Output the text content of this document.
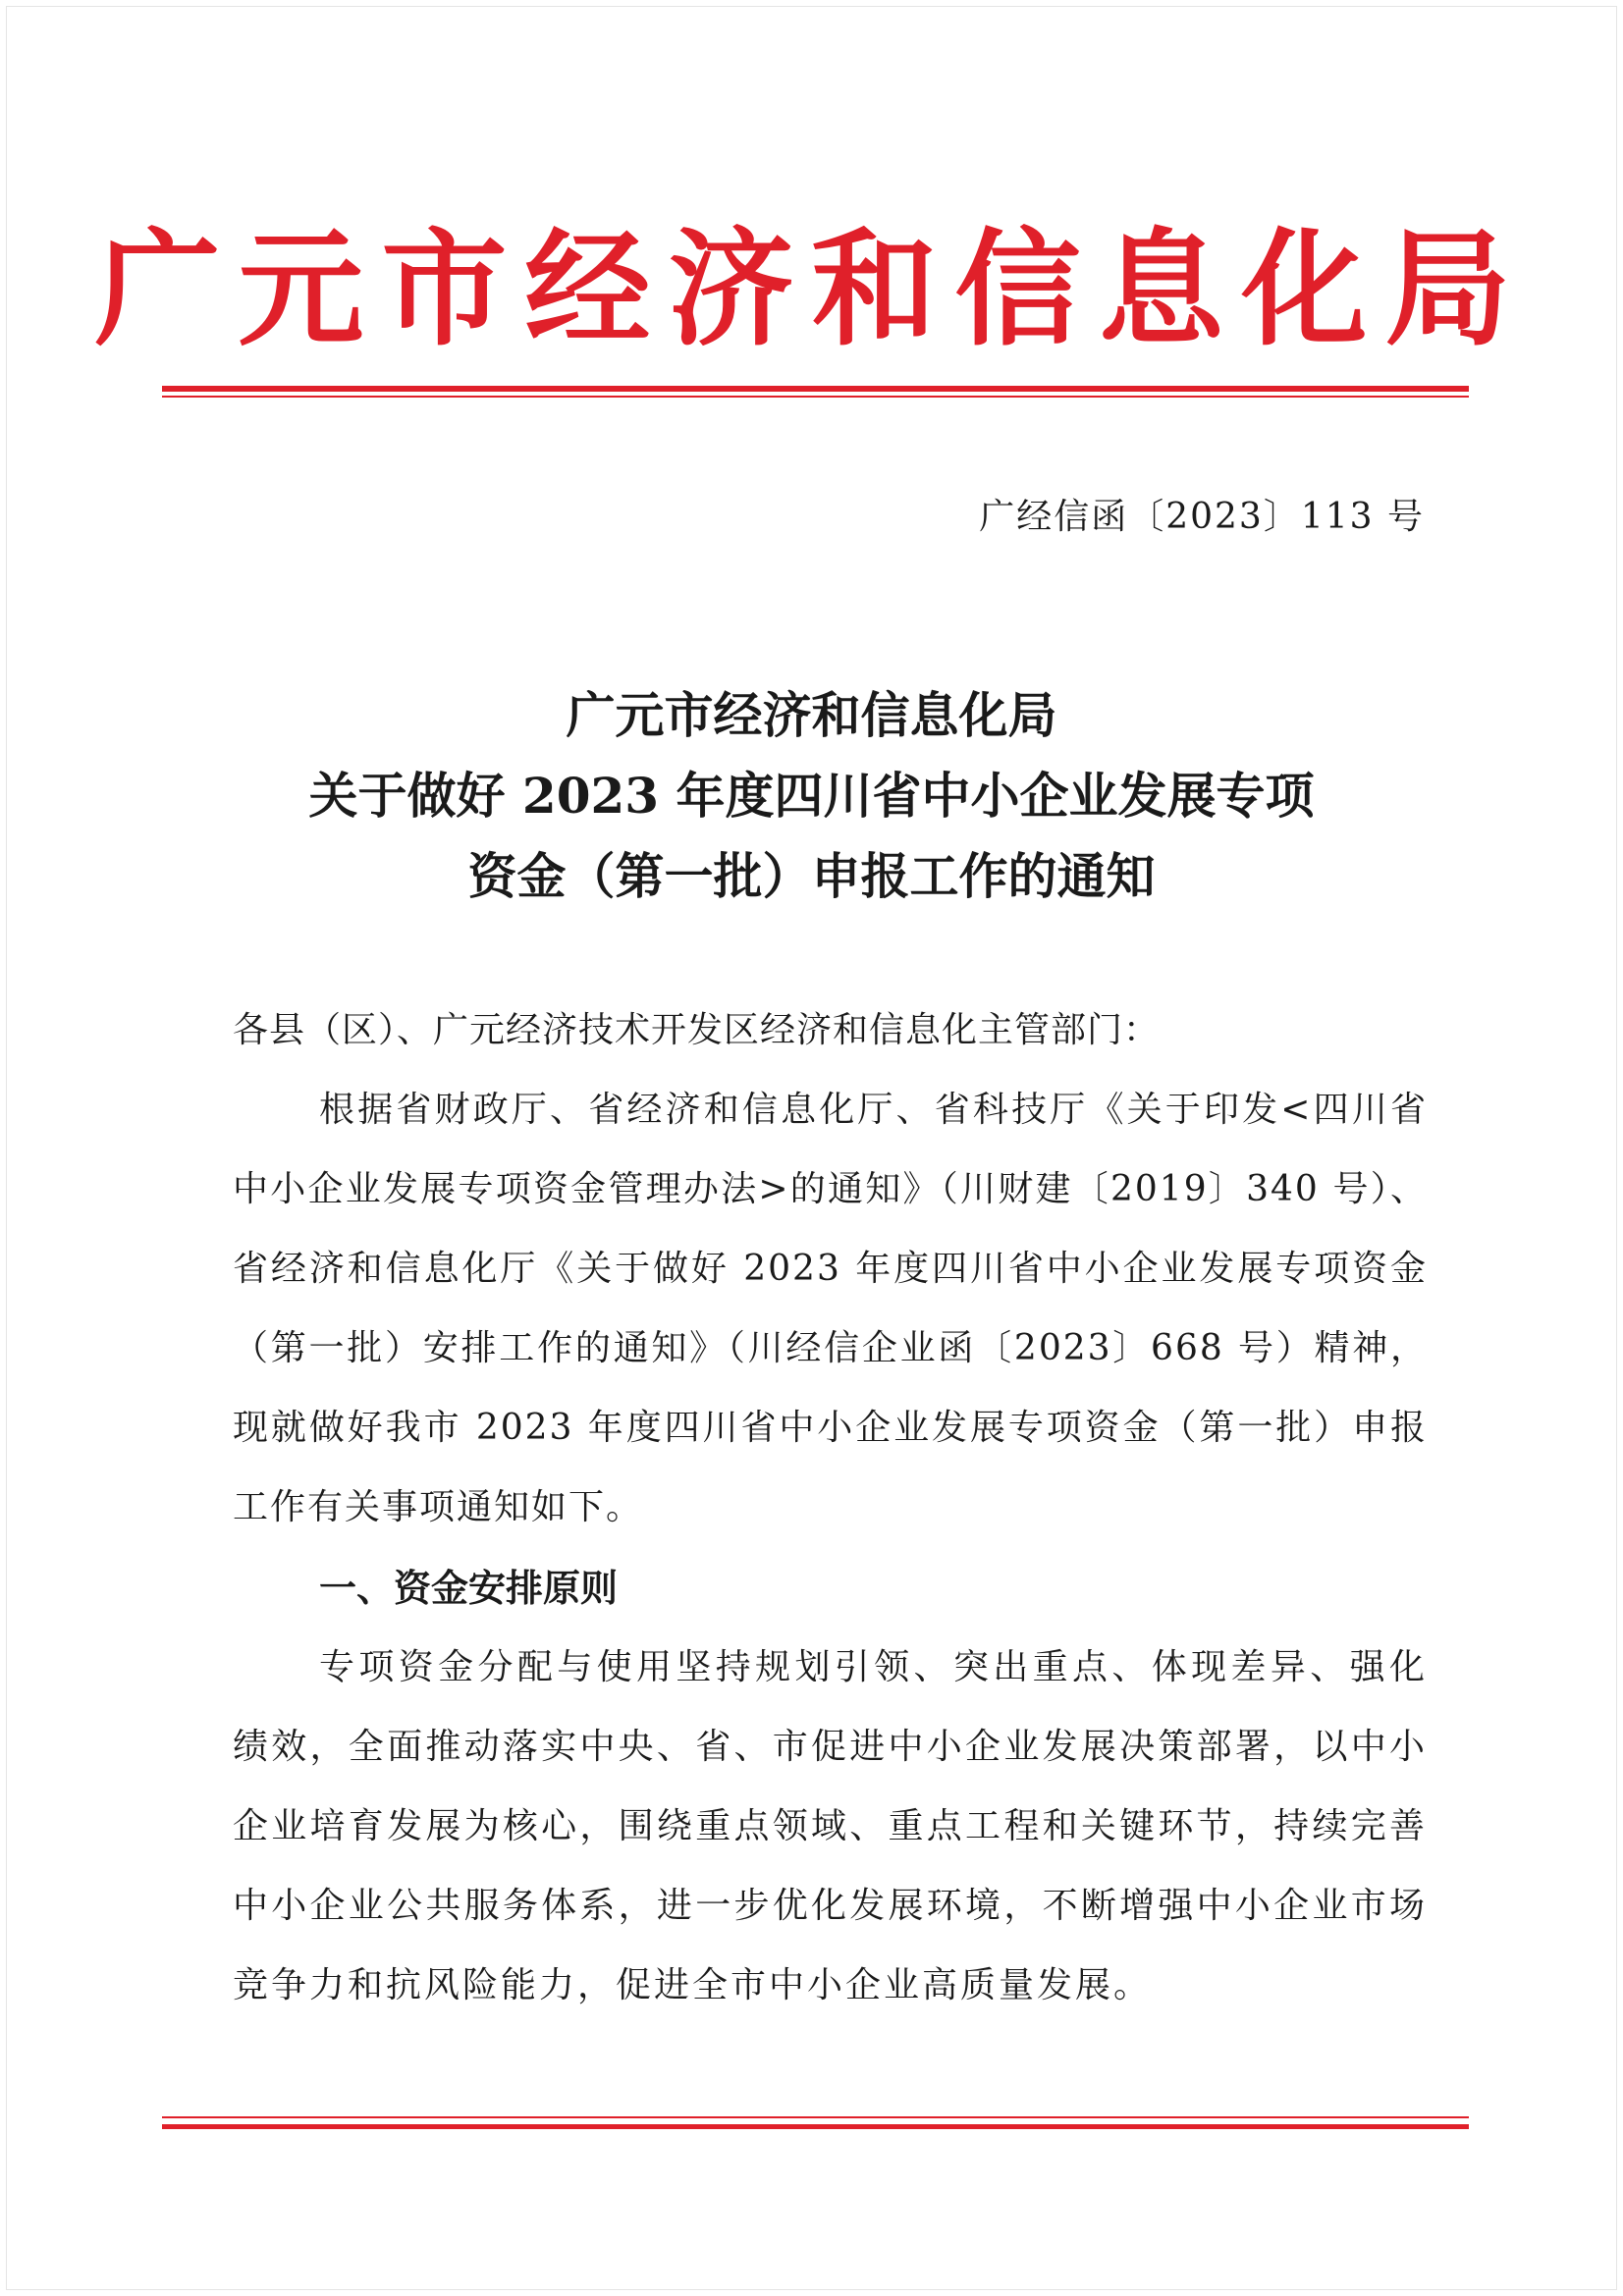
广元市经济和信息化局
广经信函〔2023〕113 号
广元市经济和信息化局
关于做好 2023 年度四川省中小企业发展专项
资金（第一批）申报工作的通知
各县（区）、广元经济技术开发区经济和信息化主管部门：
根据省财政厅、省经济和信息化厅、省科技厅《关于印发<四川省中小企业发展专项资金管理办法>的通知》（川财建〔2019〕340 号）、省经济和信息化厅《关于做好 2023 年度四川省中小企业发展专项资金（第一批）安排工作的通知》（川经信企业函〔2023〕668 号）精神，现就做好我市 2023 年度四川省中小企业发展专项资金（第一批）申报工作有关事项通知如下。
一、资金安排原则
专项资金分配与使用坚持规划引领、突出重点、体现差异、强化绩效，全面推动落实中央、省、市促进中小企业发展决策部署，以中小企业培育发展为核心，围绕重点领域、重点工程和关键环节，持续完善中小企业公共服务体系，进一步优化发展环境，不断增强中小企业市场竞争力和抗风险能力，促进全市中小企业高质量发展。
